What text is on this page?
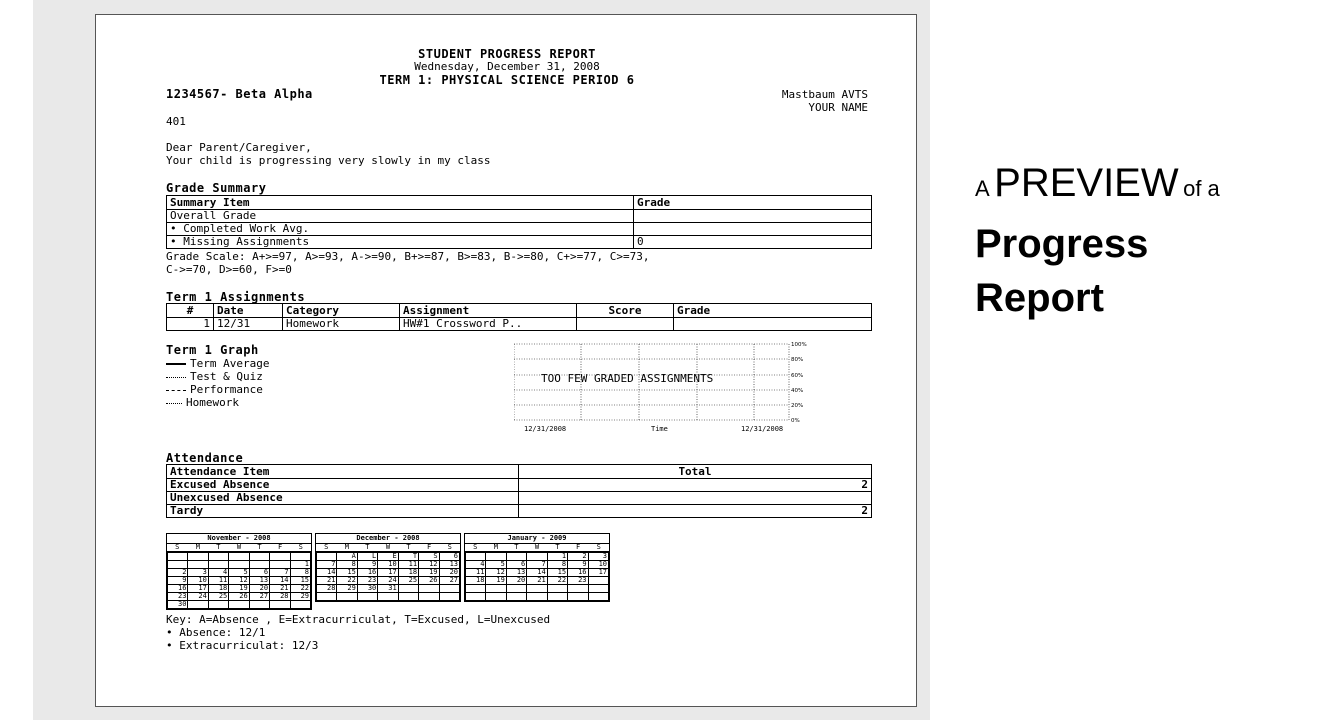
STUDENT PROGRESS REPORT
Wednesday, December 31, 2008
TERM 1: PHYSICAL SCIENCE PERIOD 6
1234567- Beta Alpha	Mastbaum AVTS
YOUR NAME
401
Dear Parent/Caregiver,
Your child is progressing very slowly in my class
Grade Summary
Summary Item	Grade
Overall Grade	
• Completed Work Avg.	
• Missing Assignments	0
Grade Scale: A+>=97, A>=93, A->=90, B+>=87, B>=83, B->=80, C+>=77, C>=73,
C->=70, D>=60, F>=0
Term 1 Assignments
#	Date	Category	Assignment	Score	Grade
1	12/31	Homework	HW#1 Crossword P..		
Term 1 Graph
Term Average
Test & Quiz
Performance
Homework
100%
80%
60%
40%
20%
0%
TOO FEW GRADED ASSIGNMENTS
12/31/2008	Time	12/31/2008
Attendance
Attendance Item	Total
Excused Absence	2
Unexcused Absence	
Tardy	2
November - 2008
S	M	T	W	T	F	S

						1
2	3	4	5	6	7	8
9	10	11	12	13	14	15
16	17	18	19	20	21	22
23	24	25	26	27	28	29
30						
December - 2008
S	M	T	W	T	F	S
	A	L	E	T	S	6
7	8	9	10	11	12	13
14	15	16	17	18	19	20
21	22	23	24	25	26	27
28	29	30	31			

January - 2009
S	M	T	W	T	F	S
				1	2	3
4	5	6	7	8	9	10
11	12	13	14	15	16	17
18	19	20	21	22	23	

Key: A=Absence , E=Extracurriculat, T=Excused, L=Unexcused
• Absence: 12/1
• Extracurriculat: 12/3
A PREVIEW of a
Progress
Report
